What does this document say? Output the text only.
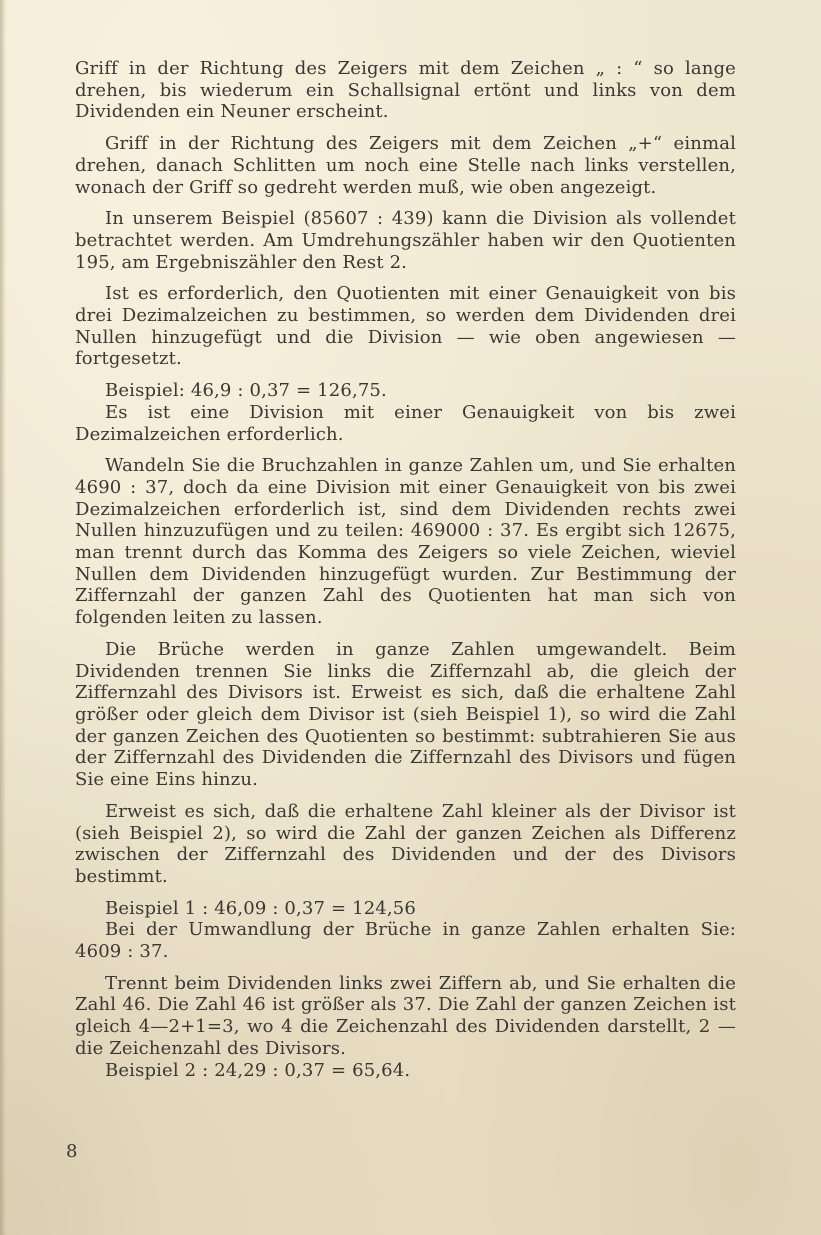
Griff in der Richtung des Zeigers mit dem Zeichen „ : “ so lange drehen, bis wiederum ein Schallsignal ertönt und links von dem Dividenden ein Neuner erscheint.

Griff in der Richtung des Zeigers mit dem Zeichen „+“ einmal drehen, danach Schlitten um noch eine Stelle nach links verstellen, wonach der Griff so gedreht werden muß, wie oben angezeigt.

In unserem Beispiel (85607 : 439) kann die Division als vollendet betrachtet werden. Am Umdrehungszähler haben wir den Quotienten 195, am Ergebniszähler den Rest 2.

Ist es erforderlich, den Quotienten mit einer Genauigkeit von bis drei Dezimalzeichen zu bestimmen, so werden dem Dividenden drei Nullen hinzugefügt und die Division — wie oben angewiesen — fortgesetzt.

Beispiel: 46,9 : 0,37 = 126,75.

Es ist eine Division mit einer Genauigkeit von bis zwei Dezimalzeichen erforderlich.

Wandeln Sie die Bruchzahlen in ganze Zahlen um, und Sie erhalten 4690 : 37, doch da eine Division mit einer Genauigkeit von bis zwei Dezimalzeichen erforderlich ist, sind dem Dividenden rechts zwei Nullen hinzuzufügen und zu teilen: 469000 : 37. Es ergibt sich 12675, man trennt durch das Komma des Zeigers so viele Zeichen, wieviel Nullen dem Dividenden hinzugefügt wurden. Zur Bestimmung der Ziffernzahl der ganzen Zahl des Quotienten hat man sich von folgenden leiten zu lassen.

Die Brüche werden in ganze Zahlen umgewandelt. Beim Dividenden trennen Sie links die Ziffernzahl ab, die gleich der Ziffernzahl des Divisors ist. Erweist es sich, daß die erhaltene Zahl größer oder gleich dem Divisor ist (sieh Beispiel 1), so wird die Zahl der ganzen Zeichen des Quotienten so bestimmt: subtrahieren Sie aus der Ziffernzahl des Dividenden die Ziffernzahl des Divisors und fügen Sie eine Eins hinzu.

Erweist es sich, daß die erhaltene Zahl kleiner als der Divisor ist (sieh Beispiel 2), so wird die Zahl der ganzen Zeichen als Differenz zwischen der Ziffernzahl des Dividenden und der des Divisors bestimmt.

Beispiel 1 : 46,09 : 0,37 = 124,56

Bei der Umwandlung der Brüche in ganze Zahlen erhalten Sie: 4609 : 37.

Trennt beim Dividenden links zwei Ziffern ab, und Sie erhalten die Zahl 46. Die Zahl 46 ist größer als 37. Die Zahl der ganzen Zeichen ist gleich 4—2+1=3, wo 4 die Zeichenzahl des Dividenden darstellt, 2 — die Zeichenzahl des Divisors.

Beispiel 2 : 24,29 : 0,37 = 65,64.

8
